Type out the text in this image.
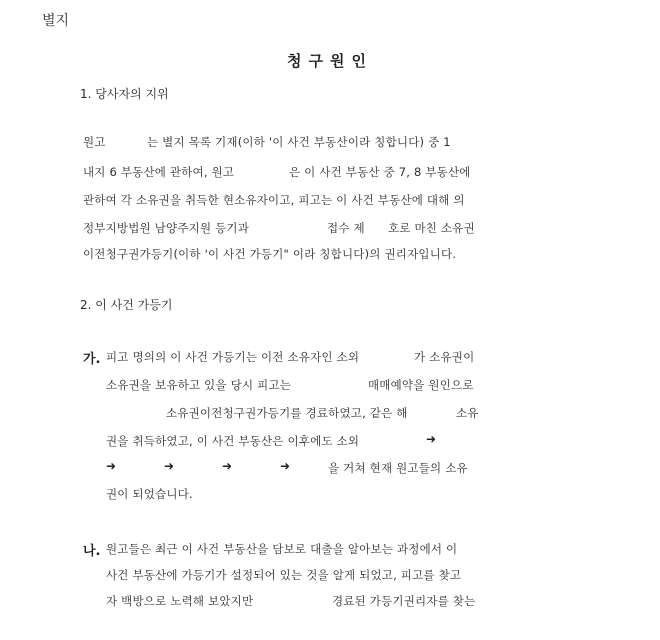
별지
청구원인
1. 당사자의 지위
원고	는 별지 목록 기재(이하 '이 사건 부동산이라 칭합니다) 중 1
내지 6 부동산에 관하여, 원고	은 이 사건 부동산 중 7, 8 부동산에
관하여 각 소유권을 취득한 현소유자이고, 피고는 이 사건 부동산에 대해 의
정부지방법원 남양주지원 등기과	접수 제 호로 마친 소유권
이전청구권가등기(이하 '이 사건 가등기" 이라 칭합니다)의 권리자입니다.
2. 이 사건 가등기
가. 피고 명의의 이 사건 가등기는 이전 소유자인 소외	가 소유권이
소유권을 보유하고 있을 당시 피고는	매매예약을 원인으로
소유권이전청구권가등기를 경료하였고, 같은 해	소유
권을 취득하였고, 이 사건 부동산은 이후에도 소외	➜
➜	➜	➜	➜	을 거쳐 현재 원고들의 소유
권이 되었습니다.
나. 원고들은 최근 이 사건 부동산을 담보로 대출을 알아보는 과정에서 이
사건 부동산에 가등기가 설정되어 있는 것을 알게 되었고, 피고를 찾고
자 백방으로 노력해 보았지만	경료된 가등기권리자를 찾는
